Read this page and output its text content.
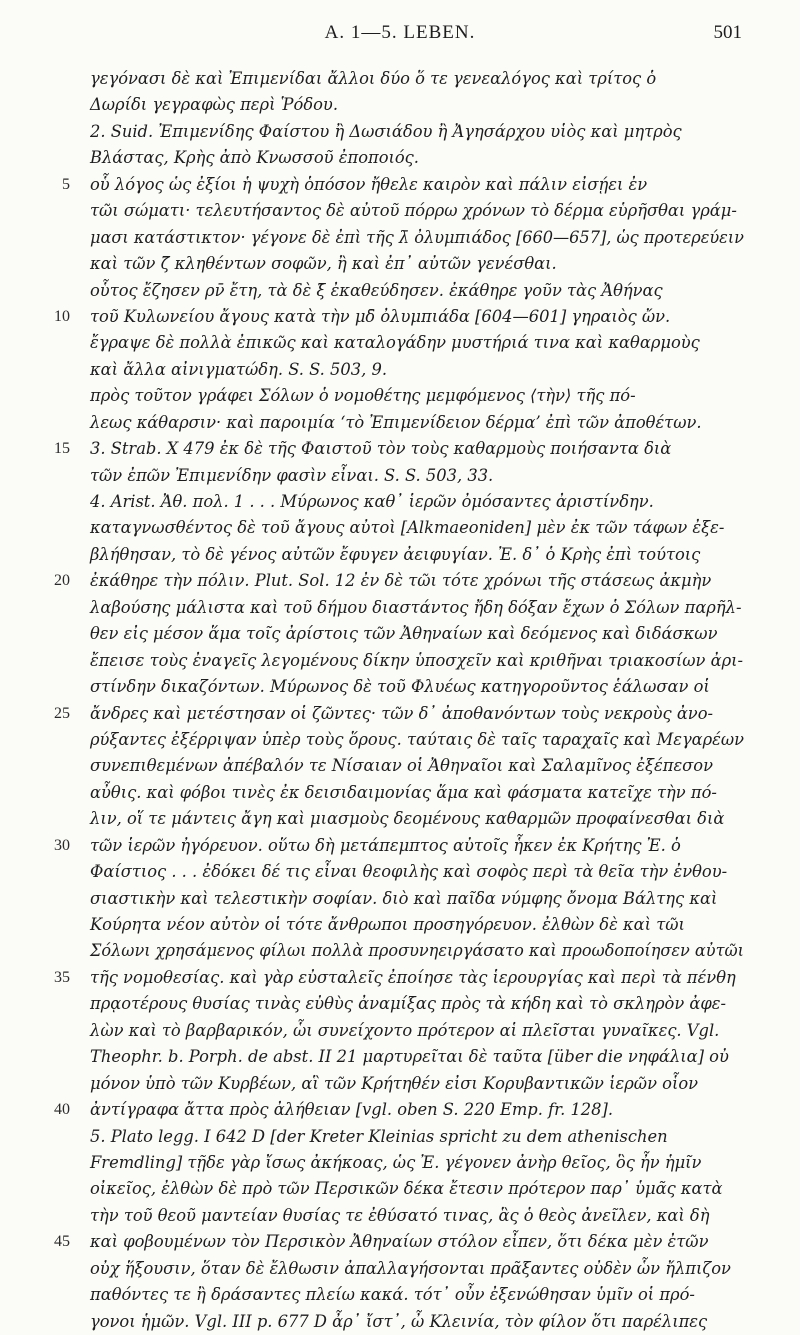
A. 1—5. LEBEN.	501
γεγόνασι δὲ καὶ Ἐπιμενίδαι ἄλλοι δύο ὅ τε γενεαλόγος καὶ τρίτος ὁ
Δωρίδι γεγραφὼς περὶ Ῥόδου.
2. Suid. Ἐπιμενίδης Φαίστου ἢ Δωσιάδου ἢ Ἀγησάρχου υἱὸς καὶ μητρὸς
Βλάστας, Κρὴς ἀπὸ Κνωσσοῦ ἐποποιός.
5 οὗ λόγος ὡς ἐξίοι ἡ ψυχὴ ὁπόσον ἤθελε καιρὸν καὶ πάλιν εἰσῄει ἐν
τῶι σώματι· τελευτήσαντος δὲ αὐτοῦ πόρρω χρόνων τὸ δέρμα εὑρῆσθαι γράμ-
μασι κατάστικτον· γέγονε δὲ ἐπὶ τῆς λ̄ ὀλυμπιάδος [660—657], ὡς προτερεύειν
καὶ τῶν ζ̄ κληθέντων σοφῶν, ἢ καὶ ἐπ᾽ αὐτῶν γενέσθαι.
οὗτος ἔζησεν ρν̄ ἔτη, τὰ δὲ ξ̄ ἐκαθεύδησεν. ἐκάθηρε γοῦν τὰς Ἀθήνας
10 τοῦ Κυλωνείου ἄγους κατὰ τὴν μδ̄ ὀλυμπιάδα [604—601] γηραιὸς ὤν.
ἔγραψε δὲ πολλὰ ἐπικῶς καὶ καταλογάδην μυστήριά τινα καὶ καθαρμοὺς
καὶ ἄλλα αἰνιγματώδη. S. S. 503, 9.
πρὸς τοῦτον γράφει Σόλων ὁ νομοθέτης μεμφόμενος ⟨τὴν⟩ τῆς πό-
λεως κάθαρσιν· καὶ παροιμία ‘τὸ Ἐπιμενίδειον δέρμα’ ἐπὶ τῶν ἀποθέτων.
15 3. Strab. X 479 ἐκ δὲ τῆς Φαιστοῦ τὸν τοὺς καθαρμοὺς ποιήσαντα διὰ
τῶν ἐπῶν Ἐπιμενίδην φασὶν εἶναι. S. S. 503, 33.
4. Arist. Ἀθ. πολ. 1 . . . Μύρωνος καθ᾽ ἱερῶν ὀμόσαντες ἀριστίνδην.
καταγνωσθέντος δὲ τοῦ ἄγους αὐτοὶ [Alkmaeoniden] μὲν ἐκ τῶν τάφων ἐξε-
βλήθησαν, τὸ δὲ γένος αὐτῶν ἔφυγεν ἀειφυγίαν. Ἐ. δ᾽ ὁ Κρὴς ἐπὶ τούτοις
20 ἐκάθηρε τὴν πόλιν. Plut. Sol. 12 ἐν δὲ τῶι τότε χρόνωι τῆς στάσεως ἀκμὴν
λαβούσης μάλιστα καὶ τοῦ δήμου διαστάντος ἤδη δόξαν ἔχων ὁ Σόλων παρῆλ-
θεν εἰς μέσον ἅμα τοῖς ἀρίστοις τῶν Ἀθηναίων καὶ δεόμενος καὶ διδάσκων
ἔπεισε τοὺς ἐναγεῖς λεγομένους δίκην ὑποσχεῖν καὶ κριθῆναι τριακοσίων ἀρι-
στίνδην δικαζόντων. Μύρωνος δὲ τοῦ Φλυέως κατηγοροῦντος ἑάλωσαν οἱ
25 ἄνδρες καὶ μετέστησαν οἱ ζῶντες· τῶν δ᾽ ἀποθανόντων τοὺς νεκροὺς ἀνο-
ρύξαντες ἐξέρριψαν ὑπὲρ τοὺς ὅρους. ταύταις δὲ ταῖς ταραχαῖς καὶ Μεγαρέων
συνεπιθεμένων ἀπέβαλόν τε Νίσαιαν οἱ Ἀθηναῖοι καὶ Σαλαμῖνος ἐξέπεσον
αὖθις. καὶ φόβοι τινὲς ἐκ δεισιδαιμονίας ἅμα καὶ φάσματα κατεῖχε τὴν πό-
λιν, οἵ τε μάντεις ἄγη καὶ μιασμοὺς δεομένους καθαρμῶν προφαίνεσθαι διὰ
30 τῶν ἱερῶν ἠγόρευον. οὕτω δὴ μετάπεμπτος αὐτοῖς ἧκεν ἐκ Κρήτης Ἐ. ὁ
Φαίστιος . . . ἐδόκει δέ τις εἶναι θεοφιλὴς καὶ σοφὸς περὶ τὰ θεῖα τὴν ἐνθου-
σιαστικὴν καὶ τελεστικὴν σοφίαν. διὸ καὶ παῖδα νύμφης ὄνομα Βάλτης καὶ
Κούρητα νέον αὐτὸν οἱ τότε ἄνθρωποι προσηγόρευον. ἐλθὼν δὲ καὶ τῶι
Σόλωνι χρησάμενος φίλωι πολλὰ προσυνηειργάσατο καὶ προωδοποίησεν αὐτῶι
35 τῆς νομοθεσίας. καὶ γὰρ εὐσταλεῖς ἐποίησε τὰς ἱερουργίας καὶ περὶ τὰ πένθη
πρᾳοτέρους θυσίας τινὰς εὐθὺς ἀναμίξας πρὸς τὰ κήδη καὶ τὸ σκληρὸν ἀφε-
λὼν καὶ τὸ βαρβαρικόν, ὧι συνείχοντο πρότερον αἱ πλεῖσται γυναῖκες. Vgl.
Theophr. b. Porph. de abst. II 21 μαρτυρεῖται δὲ ταῦτα [über die νηφάλια] οὐ
μόνον ὑπὸ τῶν Κυρβέων, αἳ τῶν Κρήτηθέν εἰσι Κορυβαντικῶν ἱερῶν οἷον
40 ἀντίγραφα ἄττα πρὸς ἀλήθειαν [vgl. oben S. 220 Emp. fr. 128].
5. Plato legg. I 642 D [der Kreter Kleinias spricht zu dem athenischen
Fremdling] τῇδε γὰρ ἴσως ἀκήκοας, ὡς Ἐ. γέγονεν ἀνὴρ θεῖος, ὃς ἦν ἡμῖν
οἰκεῖος, ἐλθὼν δὲ πρὸ τῶν Περσικῶν δέκα ἔτεσιν πρότερον παρ᾽ ὑμᾶς κατὰ
τὴν τοῦ θεοῦ μαντείαν θυσίας τε ἐθύσατό τινας, ἃς ὁ θεὸς ἀνεῖλεν, καὶ δὴ
45 καὶ φοβουμένων τὸν Περσικὸν Ἀθηναίων στόλον εἶπεν, ὅτι δέκα μὲν ἐτῶν
οὐχ ἥξουσιν, ὅταν δὲ ἔλθωσιν ἀπαλλαγήσονται πρᾶξαντες οὐδὲν ὧν ἤλπιζον
παθόντες τε ἢ δράσαντες πλείω κακά. τότ᾽ οὖν ἐξενώθησαν ὑμῖν οἱ πρό-
γονοι ἡμῶν. Vgl. III p. 677 D ἆρ᾽ ἴστ᾽, ὦ Κλεινία, τὸν φίλον ὅτι παρέλιπες
